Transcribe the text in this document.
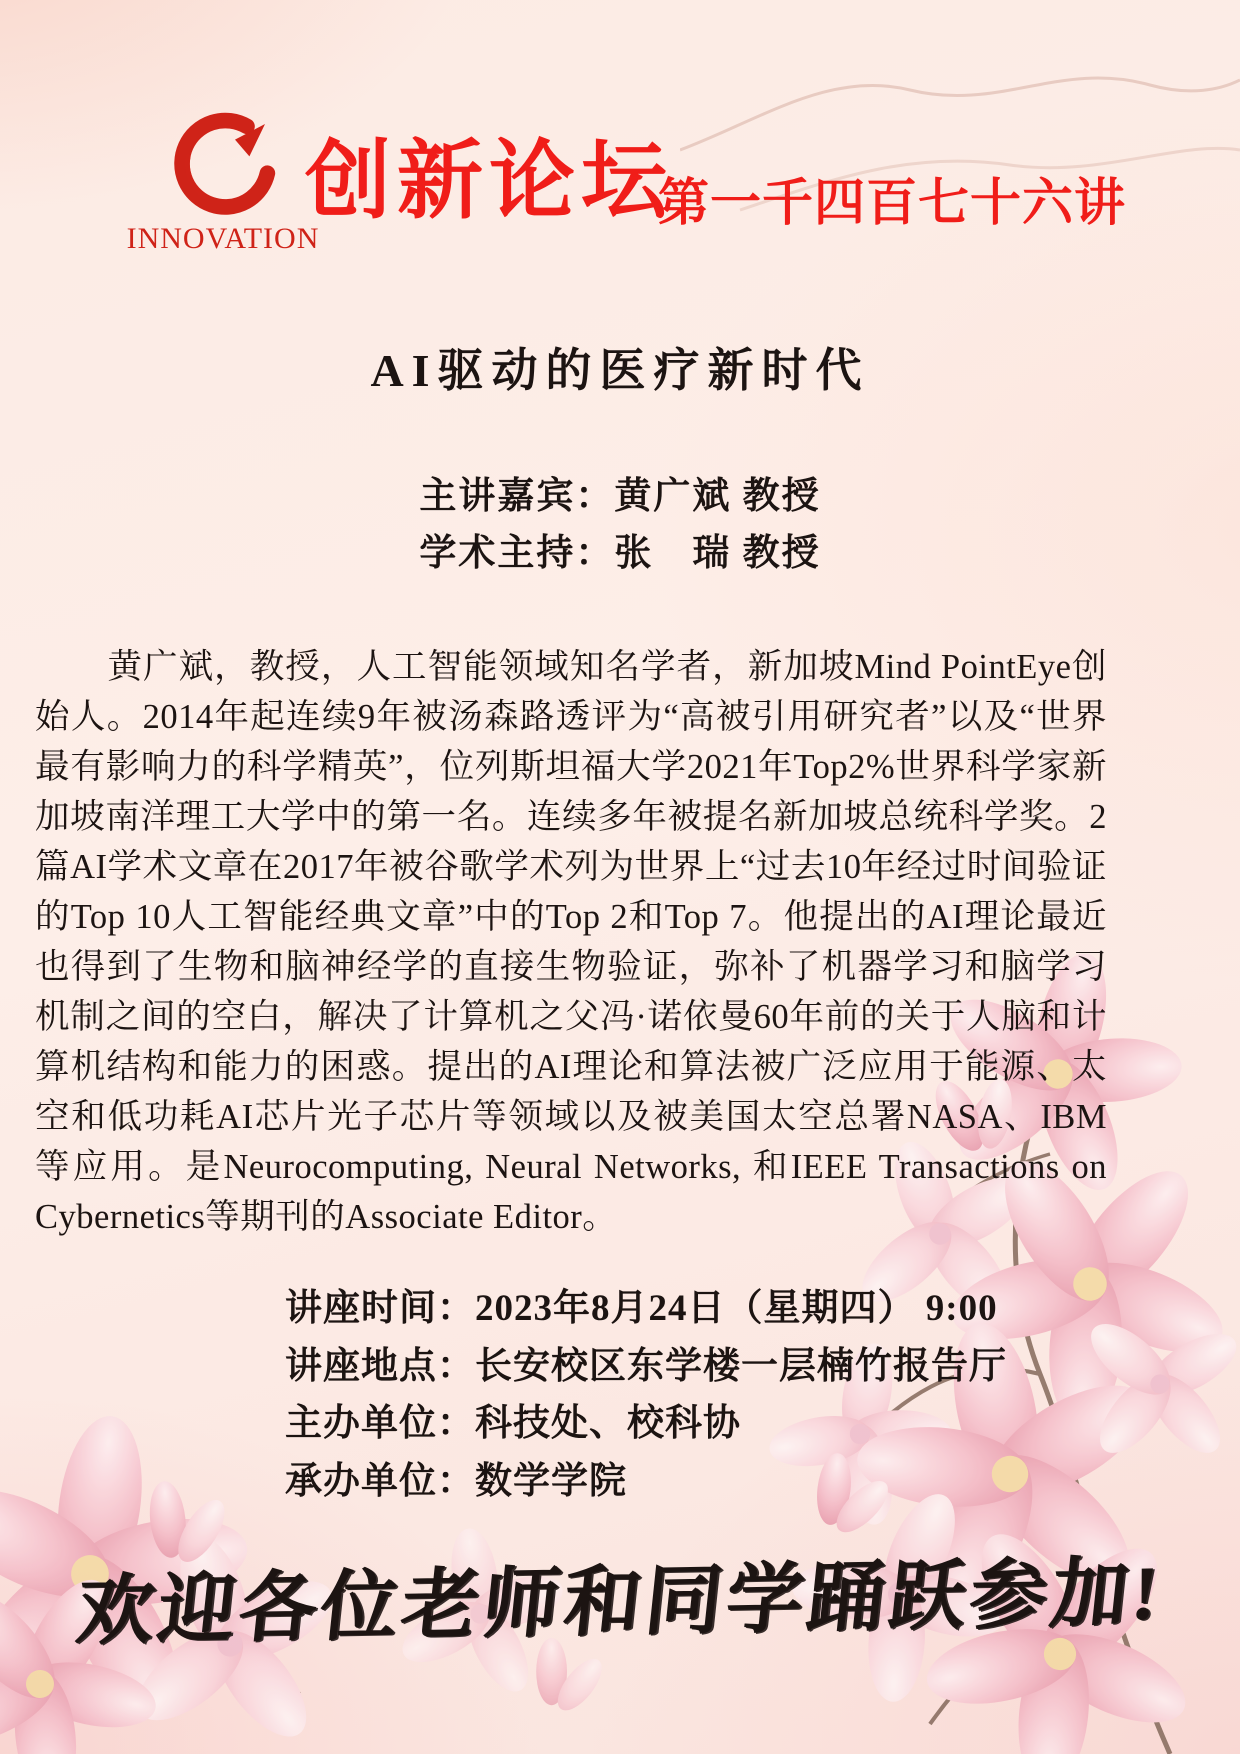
INNOVATION
创新论坛
第一千四百七十六讲
AI驱动的医疗新时代
主讲嘉宾：黄广斌 教授
学术主持：张　瑞 教授

黄广斌，教授，人工智能领域知名学者，新加坡Mind PointEye创始人。2014年起连续9年被汤森路透评为“高被引用研究者”以及“世界最有影响力的科学精英”，位列斯坦福大学2021年Top2%世界科学家新加坡南洋理工大学中的第一名。连续多年被提名新加坡总统科学奖。2篇AI学术文章在2017年被谷歌学术列为世界上“过去10年经过时间验证的Top 10人工智能经典文章”中的Top 2和Top 7。他提出的AI理论最近也得到了生物和脑神经学的直接生物验证，弥补了机器学习和脑学习机制之间的空白，解决了计算机之父冯·诺依曼60年前的关于人脑和计算机结构和能力的困惑。提出的AI理论和算法被广泛应用于能源、太空和低功耗AI芯片光子芯片等领域以及被美国太空总署NASA、IBM等应用。是Neurocomputing, Neural Networks, 和IEEE Transactions on Cybernetics等期刊的Associate Editor。

讲座时间：2023年8月24日（星期四） 9:00
讲座地点：长安校区东学楼一层楠竹报告厅
主办单位：科技处、校科协
承办单位：数学学院
欢迎各位老师和同学踊跃参加!
